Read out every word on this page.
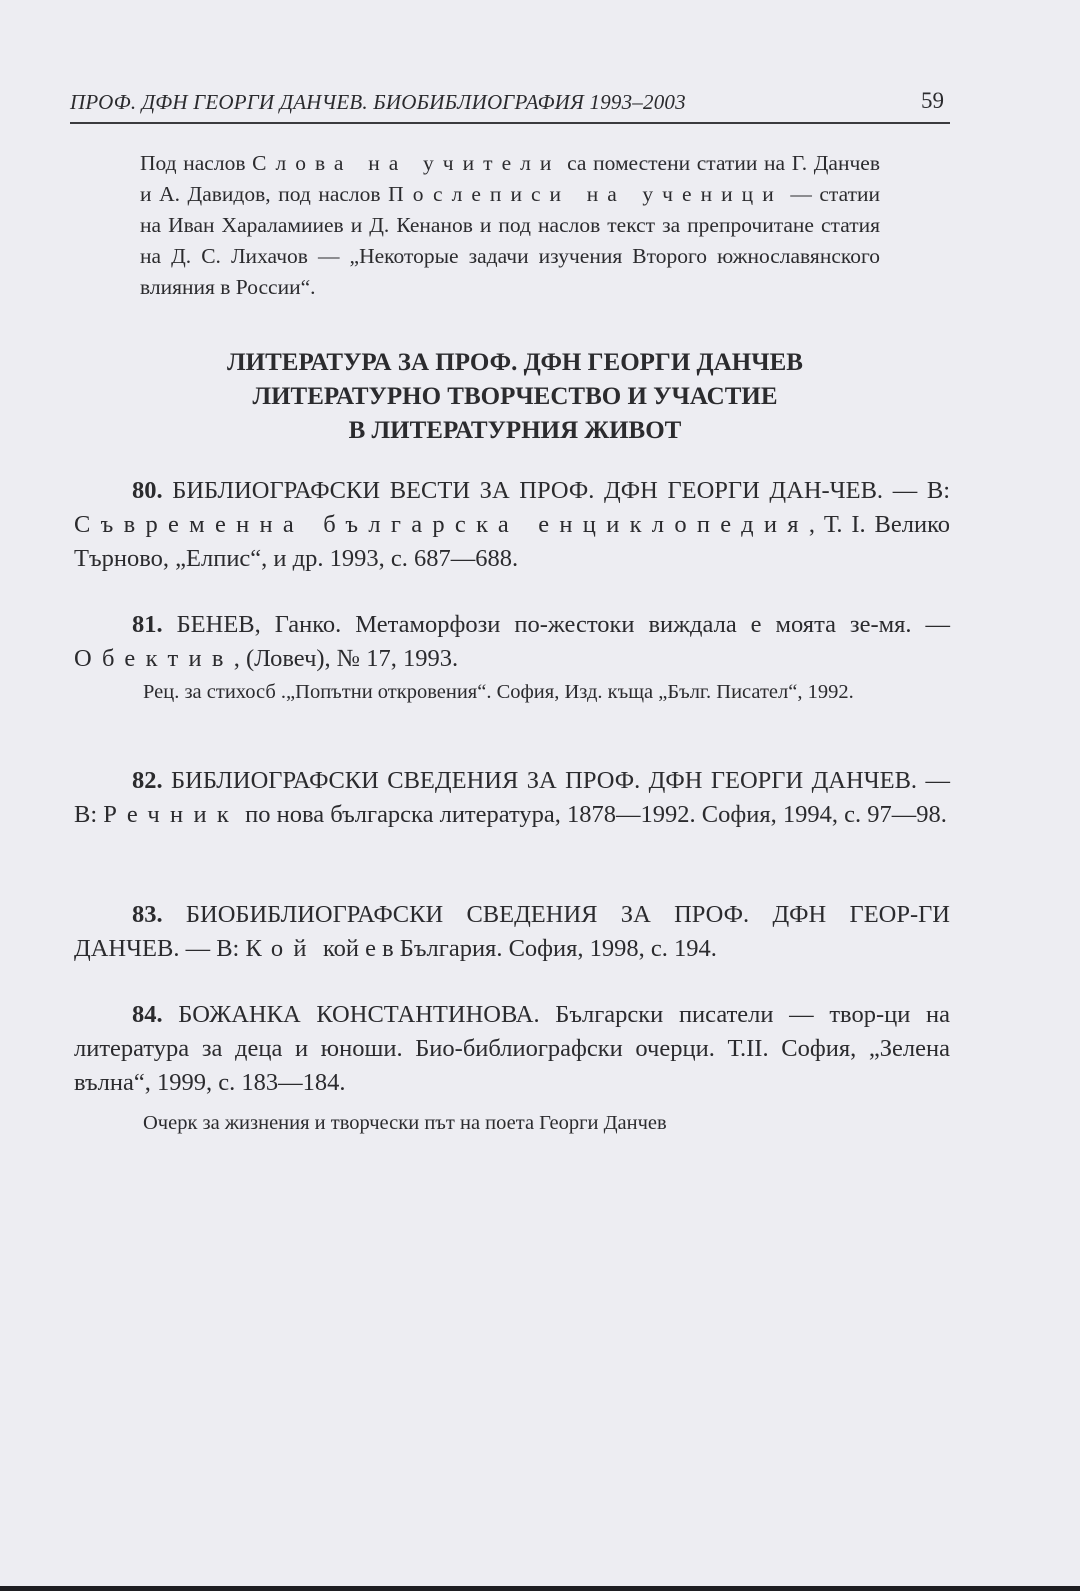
ПРОФ. ДФН ГЕОРГИ ДАНЧЕВ. БИОБИБЛИОГРАФИЯ 1993–2003	59

Под наслов Слова на учители са поместени статии на Г. Данчев и А. Давидов, под наслов Послеписи на ученици — статии на Иван Хараламииев и Д. Кенанов и под наслов текст за препрочитане статия на Д. С. Лихачов — „Некоторые задачи изучения Второго южнославянского влияния в России“.

ЛИТЕРАТУРА ЗА ПРОФ. ДФН ГЕОРГИ ДАНЧЕВ
ЛИТЕРАТУРНО ТВОРЧЕСТВО И УЧАСТИЕ
В ЛИТЕРАТУРНИЯ ЖИВОТ

80. БИБЛИОГРАФСКИ ВЕСТИ ЗА ПРОФ. ДФН ГЕОРГИ ДАН-ЧЕВ. — В: Съвременна българска енциклопедия, Т. I. Велико Търново, „Елпис“, и др. 1993, с. 687—688.

81. БЕНЕВ, Ганко. Метаморфози по-жестоки виждала е моята зе-мя. — Обектив, (Ловеч), № 17, 1993.

Рец. за стихосб .„Попътни откровения“. София, Изд. къща „Бълг. Писател“, 1992.

82. БИБЛИОГРАФСКИ СВЕДЕНИЯ ЗА ПРОФ. ДФН ГЕОРГИ ДАНЧЕВ. — В: Речник по нова българска литература, 1878—1992. София, 1994, с. 97—98.

83. БИОБИБЛИОГРАФСКИ СВЕДЕНИЯ ЗА ПРОФ. ДФН ГЕОР-ГИ ДАНЧЕВ. — В: Кой кой е в България. София, 1998, с. 194.

84. БОЖАНКА КОНСТАНТИНОВА. Български писатели — твор-ци на литература за деца и юноши. Био-библиографски очерци. Т.II. София, „Зелена вълна“, 1999, с. 183—184.

Очерк за жизнения и творчески път на поета Георги Данчев
